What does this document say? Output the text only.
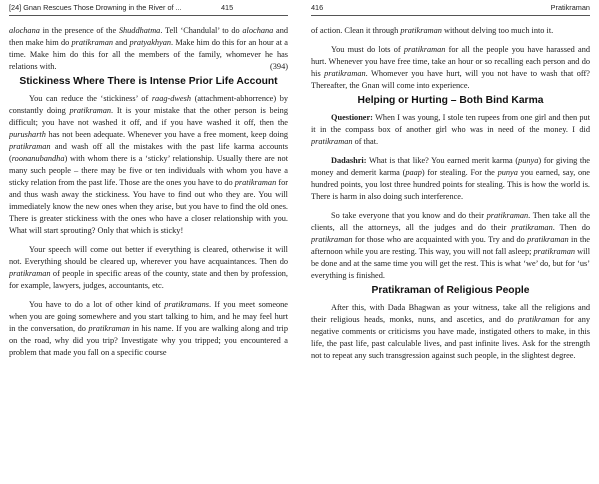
[24] Gnan Rescues Those Drowning in the River of ...	415

alochana in the presence of the Shuddhatma. Tell ‘Chandulal’ to do alochana and then make him do pratikraman and pratyakhyan. Make him do this for an hour at a time. Make him do this for all the members of the family, whomever he has relations with.	(394)

Stickiness Where There is Intense Prior Life Account

You can reduce the ‘stickiness’ of raag-dwesh (attachment-abhorrence) by constantly doing pratikraman. It is your mistake that the other person is being difficult; you have not washed it off, and if you have washed it off, then the purusharth has not been adequate. Whenever you have a free moment, keep doing pratikraman and wash off all the mistakes with the past life karma accounts (roonanubandha) with whom there is a ‘sticky’ relationship. Usually there are not many such people – there may be five or ten individuals with whom you have a sticky relation from the past life. Those are the ones you have to do pratikraman for and thus wash away the stickiness. You have to find out who they are. You will immediately know the new ones when they arise, but you have to find the old ones. There is greater stickiness with the ones who have a closer relationship with you. What will start sprouting? Only that which is sticky!

Your speech will come out better if everything is cleared, otherwise it will not. Everything should be cleared up, wherever you have acquaintances. Then do pratikraman of people in specific areas of the county, state and then by profession, for example, lawyers, judges, accountants, etc.

You have to do a lot of other kind of pratikramans. If you meet someone when you are going somewhere and you start talking to him, and he may feel hurt in the conversation, do pratikraman in his name. If you are walking along and trip on the road, why did you trip? Investigate why you tripped; you encountered a problem that made you fall on a specific course

416	Pratikraman

of action. Clean it through pratikraman without delving too much into it.

You must do lots of pratikraman for all the people you have harassed and hurt. Whenever you have free time, take an hour or so recalling each person and do his pratikraman. Whomever you have hurt, will you not have to wash that off? Thereafter, the Gnan will come into experience.

Helping or Hurting – Both Bind Karma

Questioner: When I was young, I stole ten rupees from one girl and then put it in the compass box of another girl who was in need of the money. I did pratikraman of that.

Dadashri: What is that like? You earned merit karma (punya) for giving the money and demerit karma (paap) for stealing. For the punya you earned, say, one hundred points, you lost three hundred points for stealing. This is how the world is. There is harm in also doing such interference.

So take everyone that you know and do their pratikraman. Then take all the clients, all the attorneys, all the judges and do their pratikraman. Then do pratikraman for those who are acquainted with you. Try and do pratikraman in the afternoon while you are resting. This way, you will not fall asleep; pratikraman will be done and at the same time you will get the rest. This is what ‘we’ do, but for ‘us’ everything is finished.

Pratikraman of Religious People

After this, with Dada Bhagwan as your witness, take all the religions and their religious heads, monks, nuns, and ascetics, and do pratikraman for any negative comments or criticisms you have made, instigated others to make, in this life, the past life, past calculable lives, and past infinite lives. Ask for the strength not to repeat any such transgression against such people, in the slightest degree.
